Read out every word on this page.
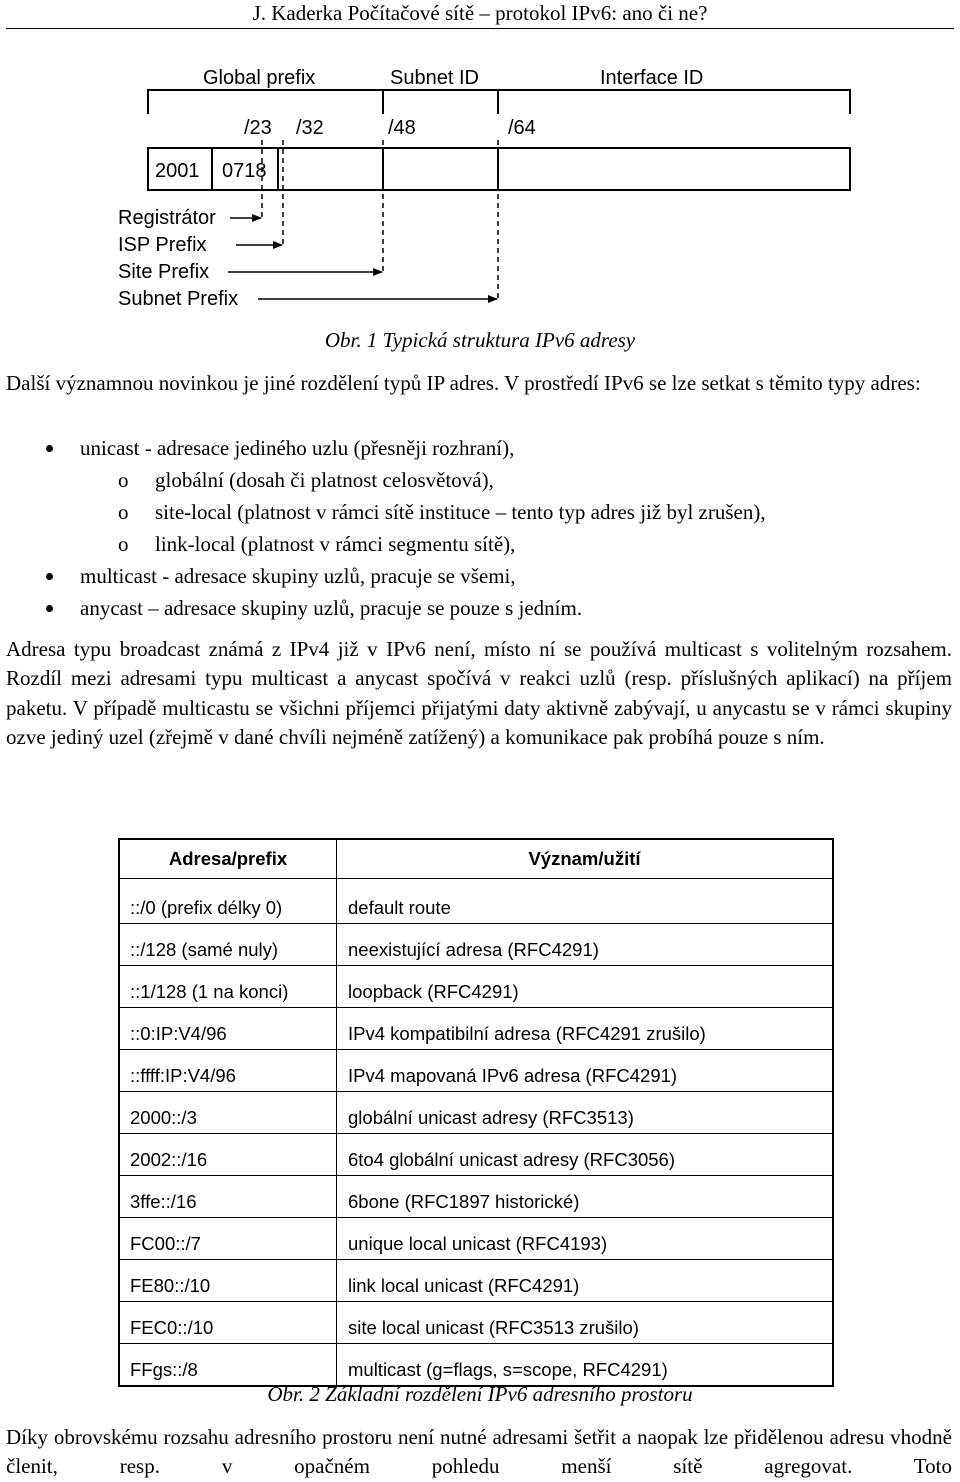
J. Kaderka Počítačové sítě – protokol IPv6: ano či ne?
Global prefix	Subnet ID	Interface ID
/23 /32	/48	/64
2001 0718
Registrátor
ISP Prefix
Site Prefix
Subnet Prefix
Obr. 1 Typická struktura IPv6 adresy
Další významnou novinkou je jiné rozdělení typů IP adres. V prostředí IPv6 se lze setkat s těmito typy adres:
unicast - adresace jediného uzlu (přesněji rozhraní),
o globální (dosah či platnost celosvětová),
o site-local (platnost v rámci sítě instituce – tento typ adres již byl zrušen),
o link-local (platnost v rámci segmentu sítě),
multicast - adresace skupiny uzlů, pracuje se všemi,
anycast – adresace skupiny uzlů, pracuje se pouze s jedním.
Adresa typu broadcast známá z IPv4 již v IPv6 není, místo ní se používá multicast s volitelným rozsahem. Rozdíl mezi adresami typu multicast a anycast spočívá v reakci uzlů (resp. příslušných aplikací) na příjem paketu. V případě multicastu se všichni příjemci přijatými daty aktivně zabývají, u anycastu se v rámci skupiny ozve jediný uzel (zřejmě v dané chvíli nejméně zatížený) a komunikace pak probíhá pouze s ním.
Adresa/prefix	Význam/užití
::/0 (prefix délky 0)	default route
::/128 (samé nuly)	neexistující adresa (RFC4291)
::1/128 (1 na konci)	loopback (RFC4291)
::0:IP:V4/96	IPv4 kompatibilní adresa (RFC4291 zrušilo)
::ffff:IP:V4/96	IPv4 mapovaná IPv6 adresa (RFC4291)
2000::/3	globální unicast adresy (RFC3513)
2002::/16	6to4 globální unicast adresy (RFC3056)
3ffe::/16	6bone (RFC1897 historické)
FC00::/7	unique local unicast (RFC4193)
FE80::/10	link local unicast (RFC4291)
FEC0::/10	site local unicast (RFC3513 zrušilo)
FFgs::/8	multicast (g=flags, s=scope, RFC4291)
Obr. 2 Základní rozdělení IPv6 adresního prostoru
Díky obrovskému rozsahu adresního prostoru není nutné adresami šetřit a naopak lze přidělenou adresu vhodně členit, resp. v opačném pohledu menší sítě agregovat. Toto
